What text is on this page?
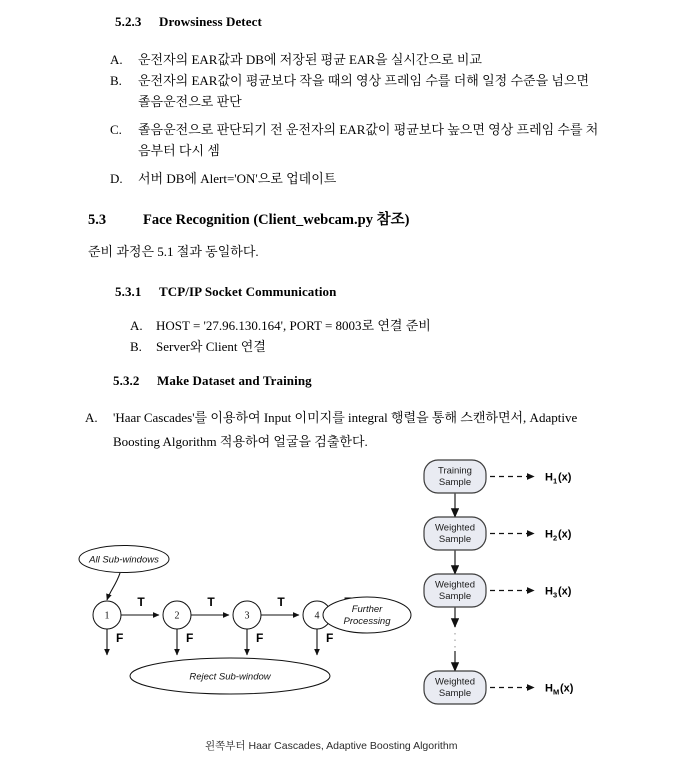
5.2.3 Drowsiness Detect
A.	운전자의 EAR값과 DB에 저장된 평균 EAR을 실시간으로 비교
B.	운전자의 EAR값이 평균보다 작을 때의 영상 프레임 수를 더해 일정 수준을 넘으면 졸음운전으로 판단
C.	졸음운전으로 판단되기 전 운전자의 EAR값이 평균보다 높으면 영상 프레임 수를 처음부터 다시 셈
D.	서버 DB에 Alert='ON'으로 업데이트
5.3	Face Recognition (Client_webcam.py 참조)
준비 과정은 5.1 절과 동일하다.
5.3.1 TCP/IP Socket Communication
A.	HOST = '27.96.130.164', PORT = 8003로 연결 준비
B.	Server와 Client 연결
5.3.2 Make Dataset and Training
A.	'Haar Cascades'를 이용하여 Input 이미지를 integral 행렬을 통해 스캔하면서, Adaptive Boosting Algorithm 적용하여 얼굴을 검출한다.
All Sub-windows
1	2	3	4
T	T	T
F	F	F	F
Further
Processing
Reject Sub-window
Training
Sample	H 1 (x)
Weighted
Sample	H 2 (x)
Weighted
Sample	H 3 (x)
Weighted
Sample	H M (x)
왼쪽부터 Haar Cascades, Adaptive Boosting Algorithm
